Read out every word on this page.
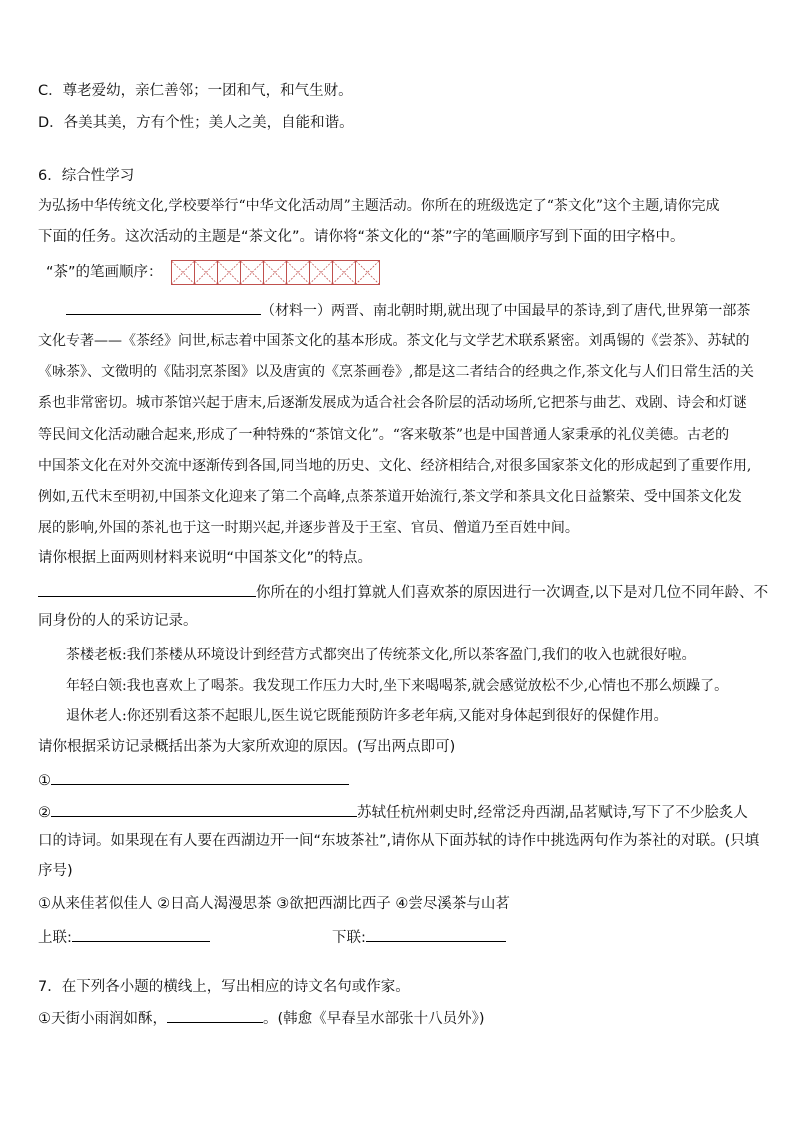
C．尊老爱幼，亲仁善邻；一团和气，和气生财。
D．各美其美，方有个性；美人之美，自能和谐。
6．综合性学习
为弘扬中华传统文化,学校要举行“中华文化活动周”主题活动。你所在的班级选定了“茶文化”这个主题,请你完成
下面的任务。这次活动的主题是“茶文化”。请你将“茶文化的“茶”字的笔画顺序写到下面的田字格中。
“茶”的笔画顺序：
（材料一）两晋、南北朝时期,就出现了中国最早的茶诗,到了唐代,世界第一部茶
文化专著——《茶经》问世,标志着中国茶文化的基本形成。茶文化与文学艺术联系紧密。刘禹锡的《尝茶》、苏轼的
《咏茶》、文徵明的《陆羽烹茶图》以及唐寅的《烹茶画卷》,都是这二者结合的经典之作,茶文化与人们日常生活的关
系也非常密切。城市茶馆兴起于唐末,后逐渐发展成为适合社会各阶层的活动场所,它把茶与曲艺、戏剧、诗会和灯谜
等民间文化活动融合起来,形成了一种特殊的“茶馆文化”。“客来敬茶”也是中国普通人家秉承的礼仪美德。古老的
中国茶文化在对外交流中逐渐传到各国,同当地的历史、文化、经济相结合,对很多国家茶文化的形成起到了重要作用,
例如,五代末至明初,中国茶文化迎来了第二个高峰,点茶茶道开始流行,茶文学和茶具文化日益繁荣、受中国茶文化发
展的影响,外国的茶礼也于这一时期兴起,并逐步普及于王室、官员、僧道乃至百姓中间。
请你根据上面两则材料来说明“中国茶文化”的特点。
你所在的小组打算就人们喜欢茶的原因进行一次调查,以下是对几位不同年龄、不
同身份的人的采访记录。
茶楼老板:我们茶楼从环境设计到经营方式都突出了传统茶文化,所以茶客盈门,我们的收入也就很好啦。
年轻白领:我也喜欢上了喝茶。我发现工作压力大时,坐下来喝喝茶,就会感觉放松不少,心情也不那么烦躁了。
退休老人:你还别看这茶不起眼儿,医生说它既能预防许多老年病,又能对身体起到很好的保健作用。
请你根据采访记录概括出茶为大家所欢迎的原因。(写出两点即可)
①
②	苏轼任杭州刺史时,经常泛舟西湖,品茗赋诗,写下了不少脍炙人
口的诗词。如果现在有人要在西湖边开一间“东坡茶社”,请你从下面苏轼的诗作中挑选两句作为茶社的对联。(只填
序号)
①从来佳茗似佳人 ②日高人渴漫思茶 ③欲把西湖比西子 ④尝尽溪茶与山茗
上联:	下联:
7．在下列各小题的横线上，写出相应的诗文名句或作家。
①天街小雨润如酥，	。(韩愈《早春呈水部张十八员外》)
